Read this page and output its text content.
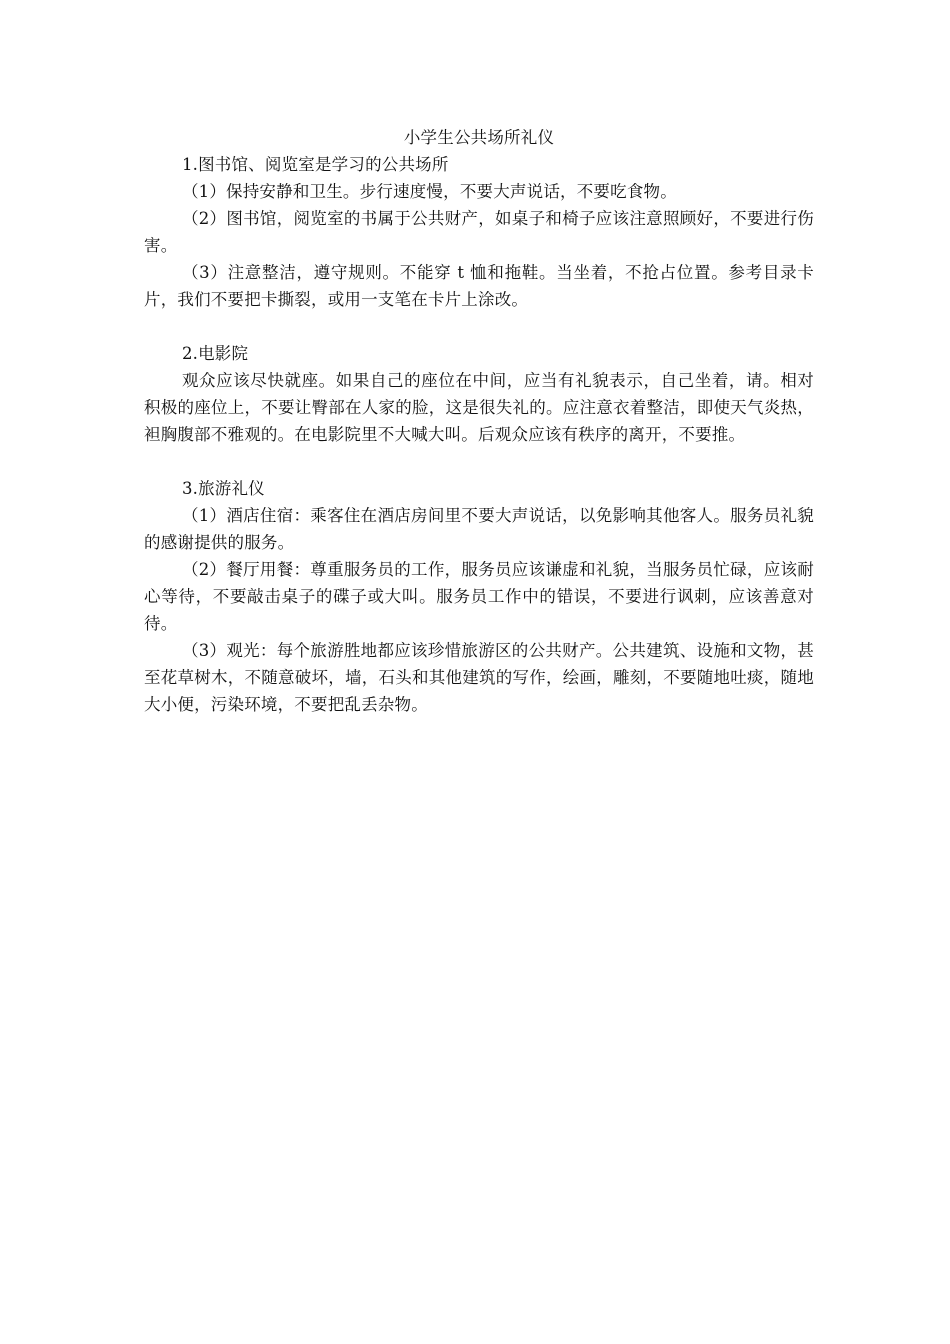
小学生公共场所礼仪

1.图书馆、阅览室是学习的公共场所

（1）保持安静和卫生。步行速度慢，不要大声说话，不要吃食物。

（2）图书馆，阅览室的书属于公共财产，如桌子和椅子应该注意照顾好，不要进行伤害。

（3）注意整洁，遵守规则。不能穿 t 恤和拖鞋。当坐着，不抢占位置。参考目录卡片，我们不要把卡撕裂，或用一支笔在卡片上涂改。

2.电影院

观众应该尽快就座。如果自己的座位在中间，应当有礼貌表示，自己坐着，请。相对积极的座位上，不要让臀部在人家的脸，这是很失礼的。应注意衣着整洁，即使天气炎热，袒胸腹部不雅观的。在电影院里不大喊大叫。后观众应该有秩序的离开，不要推。

3.旅游礼仪

（1）酒店住宿：乘客住在酒店房间里不要大声说话，以免影响其他客人。服务员礼貌的感谢提供的服务。

（2）餐厅用餐：尊重服务员的工作，服务员应该谦虚和礼貌，当服务员忙碌，应该耐心等待，不要敲击桌子的碟子或大叫。服务员工作中的错误，不要进行讽刺，应该善意对待。

（3）观光：每个旅游胜地都应该珍惜旅游区的公共财产。公共建筑、设施和文物，甚至花草树木，不随意破坏，墙，石头和其他建筑的写作，绘画，雕刻，不要随地吐痰，随地大小便，污染环境，不要把乱丢杂物。
